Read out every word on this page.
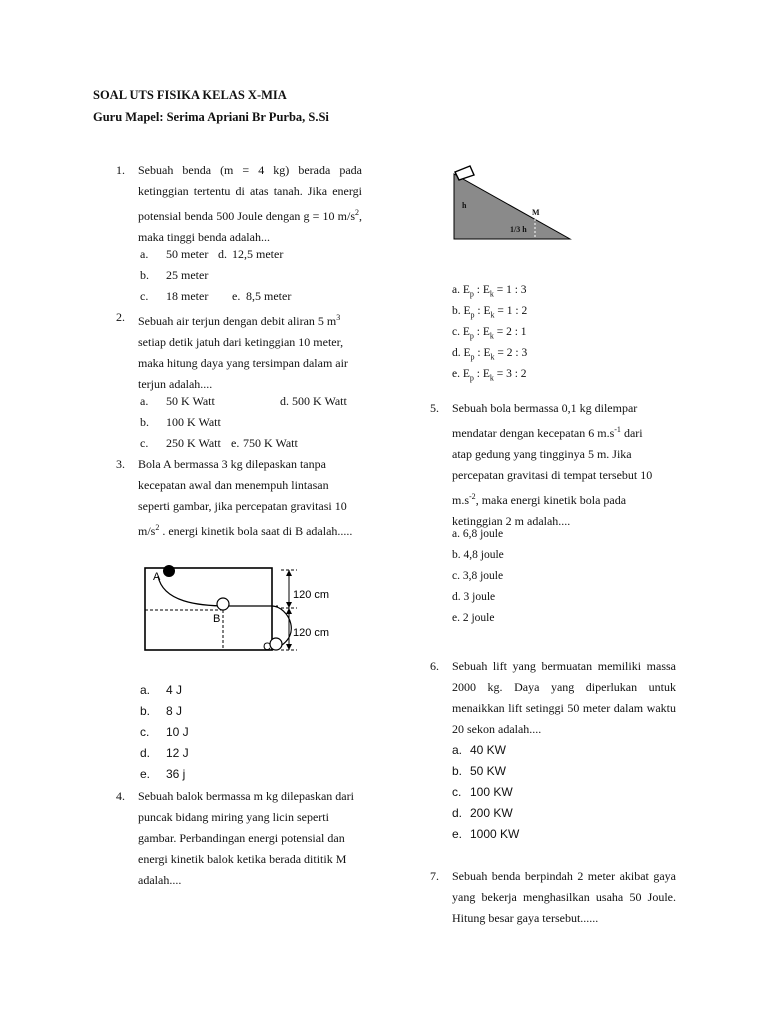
SOAL UTS FISIKA KELAS X-MIA
Guru Mapel: Serima Apriani Br Purba, S.Si
1. Sebuah benda (m = 4 kg) berada pada ketinggian tertentu di atas tanah. Jika energi potensial benda 500 Joule dengan g = 10 $m/s^2$, maka tinggi benda adalah...
a. 50 meter d. 12,5 meter
b. 25 meter
c. 18 meter e. 8,5 meter
2. Sebuah air terjun dengan debit aliran 5 $m^3$ setiap detik jatuh dari ketinggian 10 meter, maka hitung daya yang tersimpan dalam air terjun adalah....
a. 50 K Watt	d. 500 K Watt
b. 100 K Watt
c. 250 K Watt e. 750 K Watt
3. Bola A bermassa 3 kg dilepaskan tanpa kecepatan awal dan menempuh lintasan seperti gambar, jika percepatan gravitasi 10 $m/s^2$ . energi kinetik bola saat di B adalah.....
A
B
C
120 cm
120 cm
a. 4 J
b. 8 J
c. 10 J
d. 12 J
e. 36 j
4. Sebuah balok bermassa m kg dilepaskan dari puncak bidang miring yang licin seperti gambar. Perbandingan energi potensial dan energi kinetik balok ketika berada dititik M adalah....
h
M
1/3 h
a. $E_p$ : $E_k = 1$ : 3
b. $E_p$ : $E_k = 1$ : 2
c. $E_p$ : $E_k = 2$ : 1
d. $E_p$ : $E_k = 2$ : 3
e. $E_p$ : $E_k = 3$ : 2
5. Sebuah bola bermassa 0,1 kg dilempar
mendatar dengan kecepatan 6 $m.s^{-1}$ dari
atap gedung yang tingginya 5 m. Jika
percepatan gravitasi di tempat tersebut 10
$m.s^{-2}$, maka energi kinetik bola pada
ketinggian 2 m adalah....
a. 6,8 joule
b. 4,8 joule
c. 3,8 joule
d. 3 joule
e. 2 joule
6. Sebuah lift yang bermuatan memiliki massa 2000 kg. Daya yang diperlukan untuk menaikkan lift setinggi 50 meter dalam waktu 20 sekon adalah....
a. 40 KW
b. 50 KW
c. 100 KW
d. 200 KW
e. 1000 KW
7. Sebuah benda berpindah 2 meter akibat gaya yang bekerja menghasilkan usaha 50 Joule. Hitung besar gaya tersebut......
